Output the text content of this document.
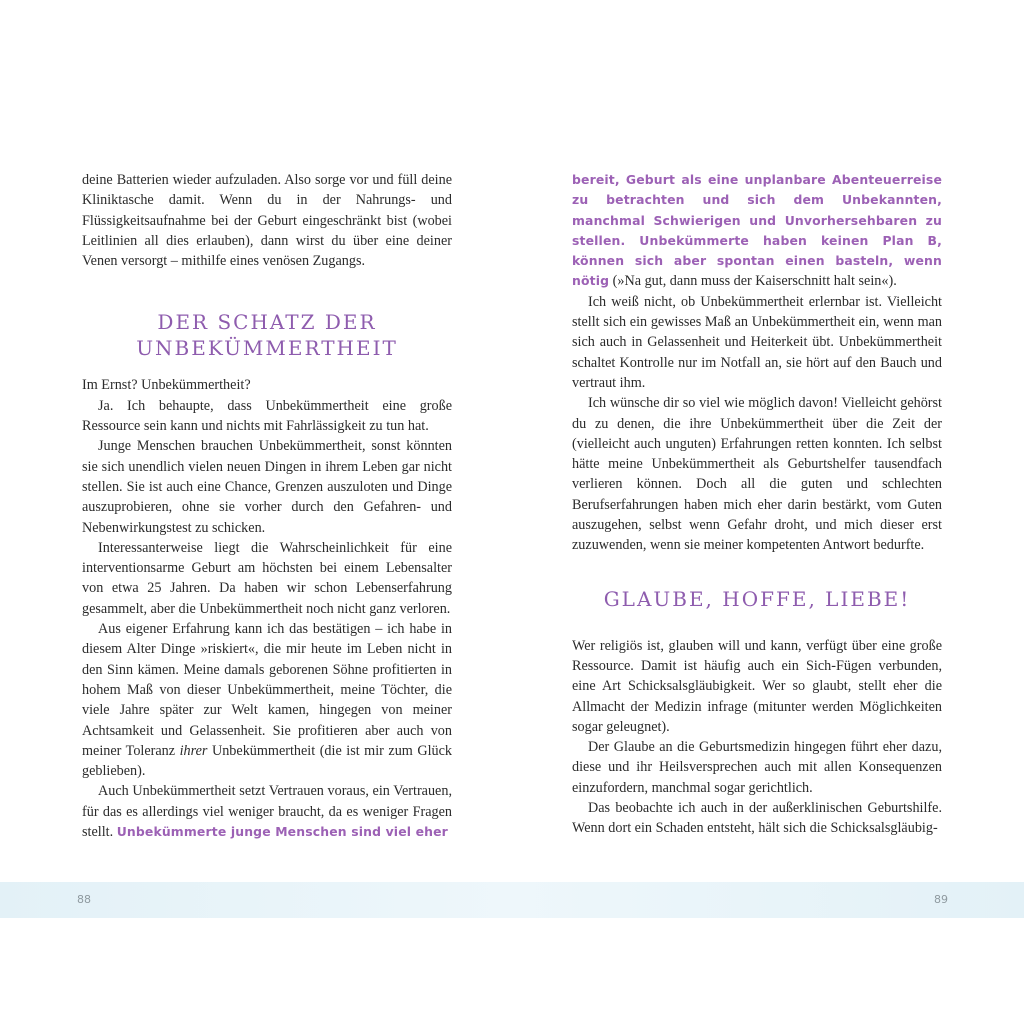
deine Batterien wieder aufzuladen. Also sorge vor und füll deine Kliniktasche damit. Wenn du in der Nahrungs- und Flüssigkeitsaufnahme bei der Geburt eingeschränkt bist (wobei Leitlinien all dies erlauben), dann wirst du über eine deiner Venen versorgt – mithilfe eines venösen Zugangs.

DER SCHATZ DER
UNBEKÜMMERTHEIT

Im Ernst? Unbekümmertheit?

Ja. Ich behaupte, dass Unbekümmertheit eine große Ressource sein kann und nichts mit Fahrlässigkeit zu tun hat.

Junge Menschen brauchen Unbekümmertheit, sonst könnten sie sich unendlich vielen neuen Dingen in ihrem Leben gar nicht stellen. Sie ist auch eine Chance, Grenzen auszuloten und Dinge auszuprobieren, ohne sie vorher durch den Gefahren- und Nebenwirkungstest zu schicken.

Interessanterweise liegt die Wahrscheinlichkeit für eine interventionsarme Geburt am höchsten bei einem Lebensalter von etwa 25 Jahren. Da haben wir schon Lebenserfahrung gesammelt, aber die Unbekümmertheit noch nicht ganz verloren.

Aus eigener Erfahrung kann ich das bestätigen – ich habe in diesem Alter Dinge »riskiert«, die mir heute im Leben nicht in den Sinn kämen. Meine damals geborenen Söhne profitierten in hohem Maß von dieser Unbekümmertheit, meine Töchter, die viele Jahre später zur Welt kamen, hingegen von meiner Achtsamkeit und Gelassenheit. Sie profitieren aber auch von meiner Toleranz ihrer Unbekümmertheit (die ist mir zum Glück geblieben).

Auch Unbekümmertheit setzt Vertrauen voraus, ein Vertrauen, für das es allerdings viel weniger braucht, da es weniger Fragen stellt. Unbekümmerte junge Menschen sind viel eher

bereit, Geburt als eine unplanbare Abenteuerreise zu betrachten und sich dem Unbekannten, manchmal Schwierigen und Unvorhersehbaren zu stellen. Unbekümmerte haben keinen Plan B, können sich aber spontan einen basteln, wenn nötig (»Na gut, dann muss der Kaiserschnitt halt sein«).

Ich weiß nicht, ob Unbekümmertheit erlernbar ist. Vielleicht stellt sich ein gewisses Maß an Unbekümmertheit ein, wenn man sich auch in Gelassenheit und Heiterkeit übt. Unbekümmertheit schaltet Kontrolle nur im Notfall an, sie hört auf den Bauch und vertraut ihm.

Ich wünsche dir so viel wie möglich davon! Vielleicht gehörst du zu denen, die ihre Unbekümmertheit über die Zeit der (vielleicht auch unguten) Erfahrungen retten konnten. Ich selbst hätte meine Unbekümmertheit als Geburtshelfer tausendfach verlieren können. Doch all die guten und schlechten Berufserfahrungen haben mich eher darin bestärkt, vom Guten auszugehen, selbst wenn Gefahr droht, und mich dieser erst zuzuwenden, wenn sie meiner kompetenten Antwort bedurfte.

GLAUBE, HOFFE, LIEBE!

Wer religiös ist, glauben will und kann, verfügt über eine große Ressource. Damit ist häufig auch ein Sich-Fügen verbunden, eine Art Schicksalsgläubigkeit. Wer so glaubt, stellt eher die Allmacht der Medizin infrage (mitunter werden Möglichkeiten sogar geleugnet).

Der Glaube an die Geburtsmedizin hingegen führt eher dazu, diese und ihr Heilsversprechen auch mit allen Konsequenzen einzufordern, manchmal sogar gerichtlich.

Das beobachte ich auch in der außerklinischen Geburtshilfe. Wenn dort ein Schaden entsteht, hält sich die Schicksalsgläubig-

88	89
